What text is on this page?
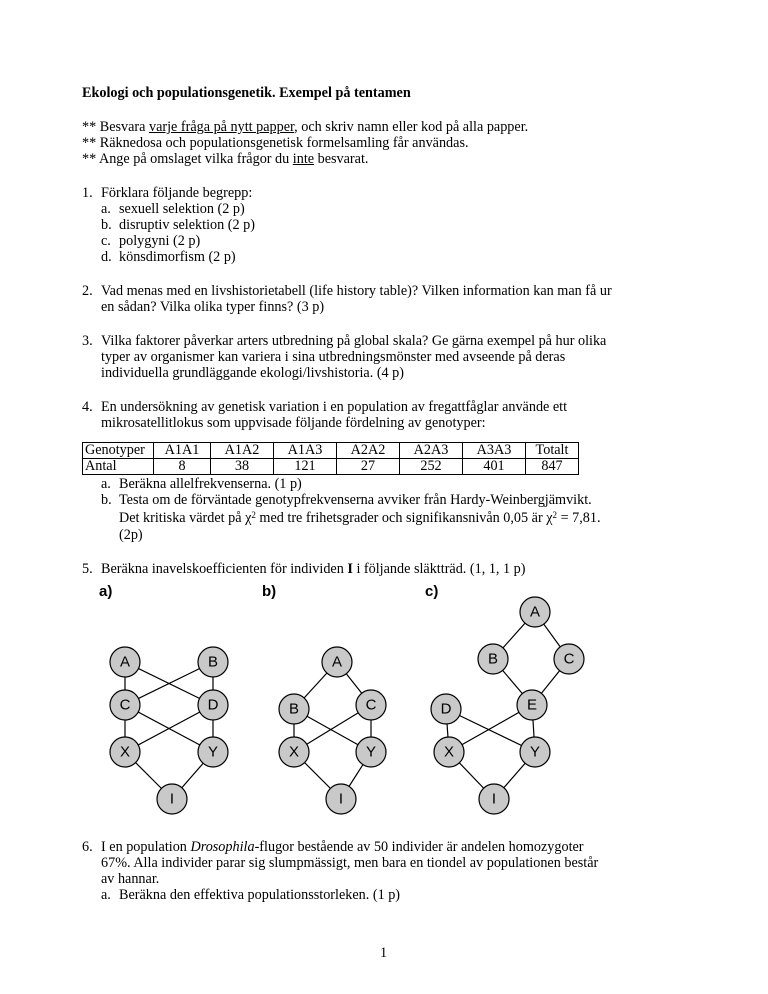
Ekologi och populationsgenetik. Exempel på tentamen
** Besvara varje fråga på nytt papper, och skriv namn eller kod på alla papper.
** Räknedosa och populationsgenetisk formelsamling får användas.
** Ange på omslaget vilka frågor du inte besvarat.
1. Förklara följande begrepp:
a. sexuell selektion (2 p)
b. disruptiv selektion (2 p)
c. polygyni (2 p)
d. könsdimorfism (2 p)
2. Vad menas med en livshistorietabell (life history table)? Vilken information kan man få ur
en sådan? Vilka olika typer finns? (3 p)
3. Vilka faktorer påverkar arters utbredning på global skala? Ge gärna exempel på hur olika
typer av organismer kan variera i sina utbredningsmönster med avseende på deras
individuella grundläggande ekologi/livshistoria. (4 p)
4. En undersökning av genetisk variation i en population av fregattfåglar använde ett
mikrosatellitlokus som uppvisade följande fördelning av genotyper:
Genotyper	A1A1	A1A2	A1A3	A2A2	A2A3	A3A3	Totalt
Antal	8	38	121	27	252	401	847
a. Beräkna allelfrekvenserna. (1 p)
b. Testa om de förväntade genotypfrekvenserna avviker från Hardy-Weinbergjämvikt.
Det kritiska värdet på $\chi^2$ med tre frihetsgrader och signifikansnivån 0,05 är $\chi^2 = 7,81$.
(2p)
5. Beräkna inavelskoefficienten för individen I i följande släktträd. (1, 1, 1 p)
a)	b)	c)
A	B
C	D
X	Y
I
A
B	C
X	Y
I
A
B	C
D	E
X	Y
I
6. I en population Drosophila-flugor bestående av 50 individer är andelen homozygoter
67%. Alla individer parar sig slumpmässigt, men bara en tiondel av populationen består
av hannar.
a. Beräkna den effektiva populationsstorleken. (1 p)
1
